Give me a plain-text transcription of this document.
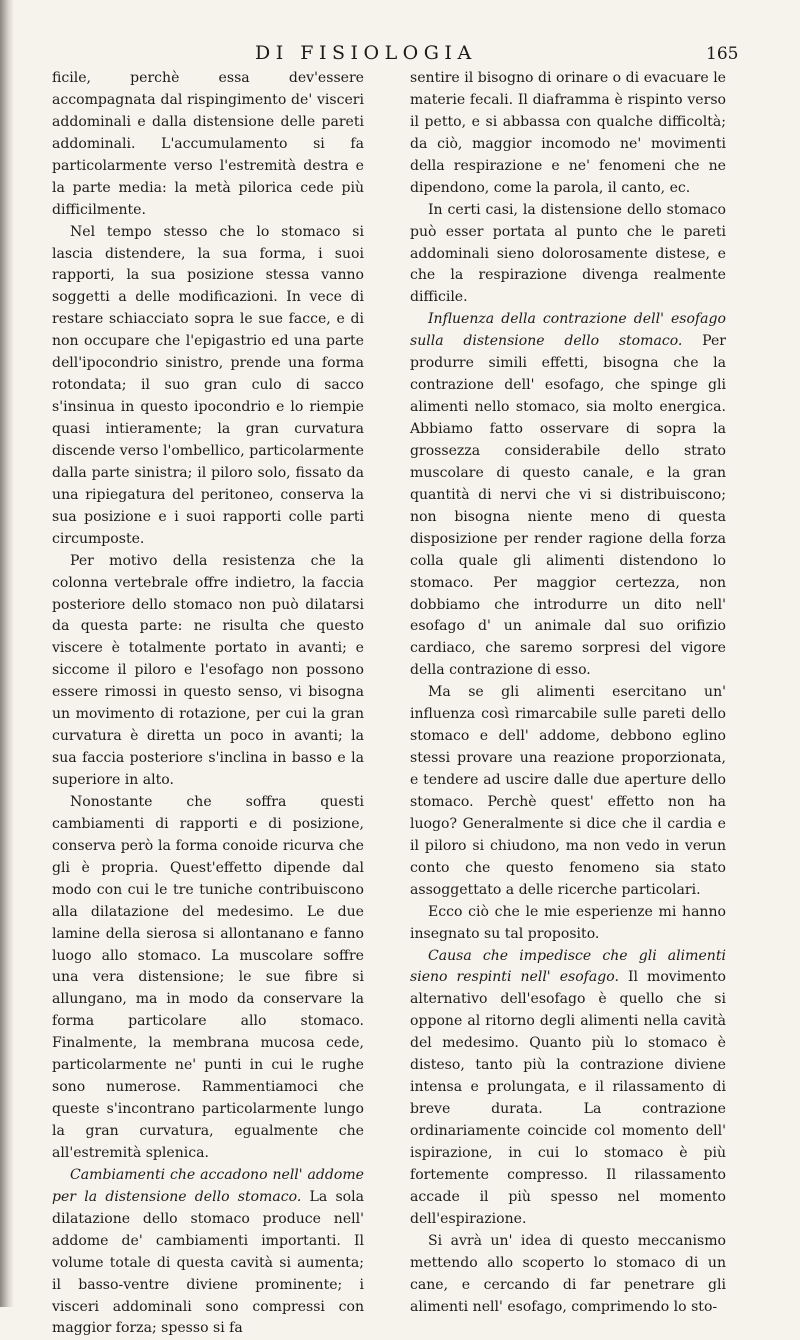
DI FISIOLOGIA	165

ficile, perchè essa dev'essere accompagnata dal rispingimento de' visceri addominali e dalla distensione delle pareti addominali. L'accumulamento si fa particolarmente verso l'estremità destra e la parte media: la metà pilorica cede più difficilmente.

Nel tempo stesso che lo stomaco si lascia distendere, la sua forma, i suoi rapporti, la sua posizione stessa vanno soggetti a delle modificazioni. In vece di restare schiacciato sopra le sue facce, e di non occupare che l'epigastrio ed una parte dell'ipocondrio sinistro, prende una forma rotondata; il suo gran culo di sacco s'insinua in questo ipocondrio e lo riempie quasi intieramente; la gran curvatura discende verso l'ombellico, particolarmente dalla parte sinistra; il piloro solo, fissato da una ripiegatura del peritoneo, conserva la sua posizione e i suoi rapporti colle parti circumposte.

Per motivo della resistenza che la colonna vertebrale offre indietro, la faccia posteriore dello stomaco non può dilatarsi da questa parte: ne risulta che questo viscere è totalmente portato in avanti; e siccome il piloro e l'esofago non possono essere rimossi in questo senso, vi bisogna un movimento di rotazione, per cui la gran curvatura è diretta un poco in avanti; la sua faccia posteriore s'inclina in basso e la superiore in alto.

Nonostante che soffra questi cambiamenti di rapporti e di posizione, conserva però la forma conoide ricurva che gli è propria. Quest'effetto dipende dal modo con cui le tre tuniche contribuiscono alla dilatazione del medesimo. Le due lamine della sierosa si allontanano e fanno luogo allo stomaco. La muscolare soffre una vera distensione; le sue fibre si allungano, ma in modo da conservare la forma particolare allo stomaco. Finalmente, la membrana mucosa cede, particolarmente ne' punti in cui le rughe sono numerose. Rammentiamoci che queste s'incontrano particolarmente lungo la gran curvatura, egualmente che all'estremità splenica.

Cambiamenti che accadono nell' addome per la distensione dello stomaco. La sola dilatazione dello stomaco produce nell' addome de' cambiamenti importanti. Il volume totale di questa cavità si aumenta; il basso-ventre diviene prominente; i visceri addominali sono compressi con maggior forza; spesso si fa

sentire il bisogno di orinare o di evacuare le materie fecali. Il diaframma è rispinto verso il petto, e si abbassa con qualche difficoltà; da ciò, maggior incomodo ne' movimenti della respirazione e ne' fenomeni che ne dipendono, come la parola, il canto, ec.

In certi casi, la distensione dello stomaco può esser portata al punto che le pareti addominali sieno dolorosamente distese, e che la respirazione divenga realmente difficile.

Influenza della contrazione dell' esofago sulla distensione dello stomaco. Per produrre simili effetti, bisogna che la contrazione dell' esofago, che spinge gli alimenti nello stomaco, sia molto energica. Abbiamo fatto osservare di sopra la grossezza considerabile dello strato muscolare di questo canale, e la gran quantità di nervi che vi si distribuiscono; non bisogna niente meno di questa disposizione per render ragione della forza colla quale gli alimenti distendono lo stomaco. Per maggior certezza, non dobbiamo che introdurre un dito nell' esofago d' un animale dal suo orifizio cardiaco, che saremo sorpresi del vigore della contrazione di esso.

Ma se gli alimenti esercitano un' influenza così rimarcabile sulle pareti dello stomaco e dell' addome, debbono eglino stessi provare una reazione proporzionata, e tendere ad uscire dalle due aperture dello stomaco. Perchè quest' effetto non ha luogo? Generalmente si dice che il cardia e il piloro si chiudono, ma non vedo in verun conto che questo fenomeno sia stato assoggettato a delle ricerche particolari.

Ecco ciò che le mie esperienze mi hanno insegnato su tal proposito.

Causa che impedisce che gli alimenti sieno respinti nell' esofago. Il movimento alternativo dell'esofago è quello che si oppone al ritorno degli alimenti nella cavità del medesimo. Quanto più lo stomaco è disteso, tanto più la contrazione diviene intensa e prolungata, e il rilassamento di breve durata. La contrazione ordinariamente coincide col momento dell' ispirazione, in cui lo stomaco è più fortemente compresso. Il rilassamento accade il più spesso nel momento dell'espirazione.

Si avrà un' idea di questo meccanismo mettendo allo scoperto lo stomaco di un cane, e cercando di far penetrare gli alimenti nell' esofago, comprimendo lo sto-
